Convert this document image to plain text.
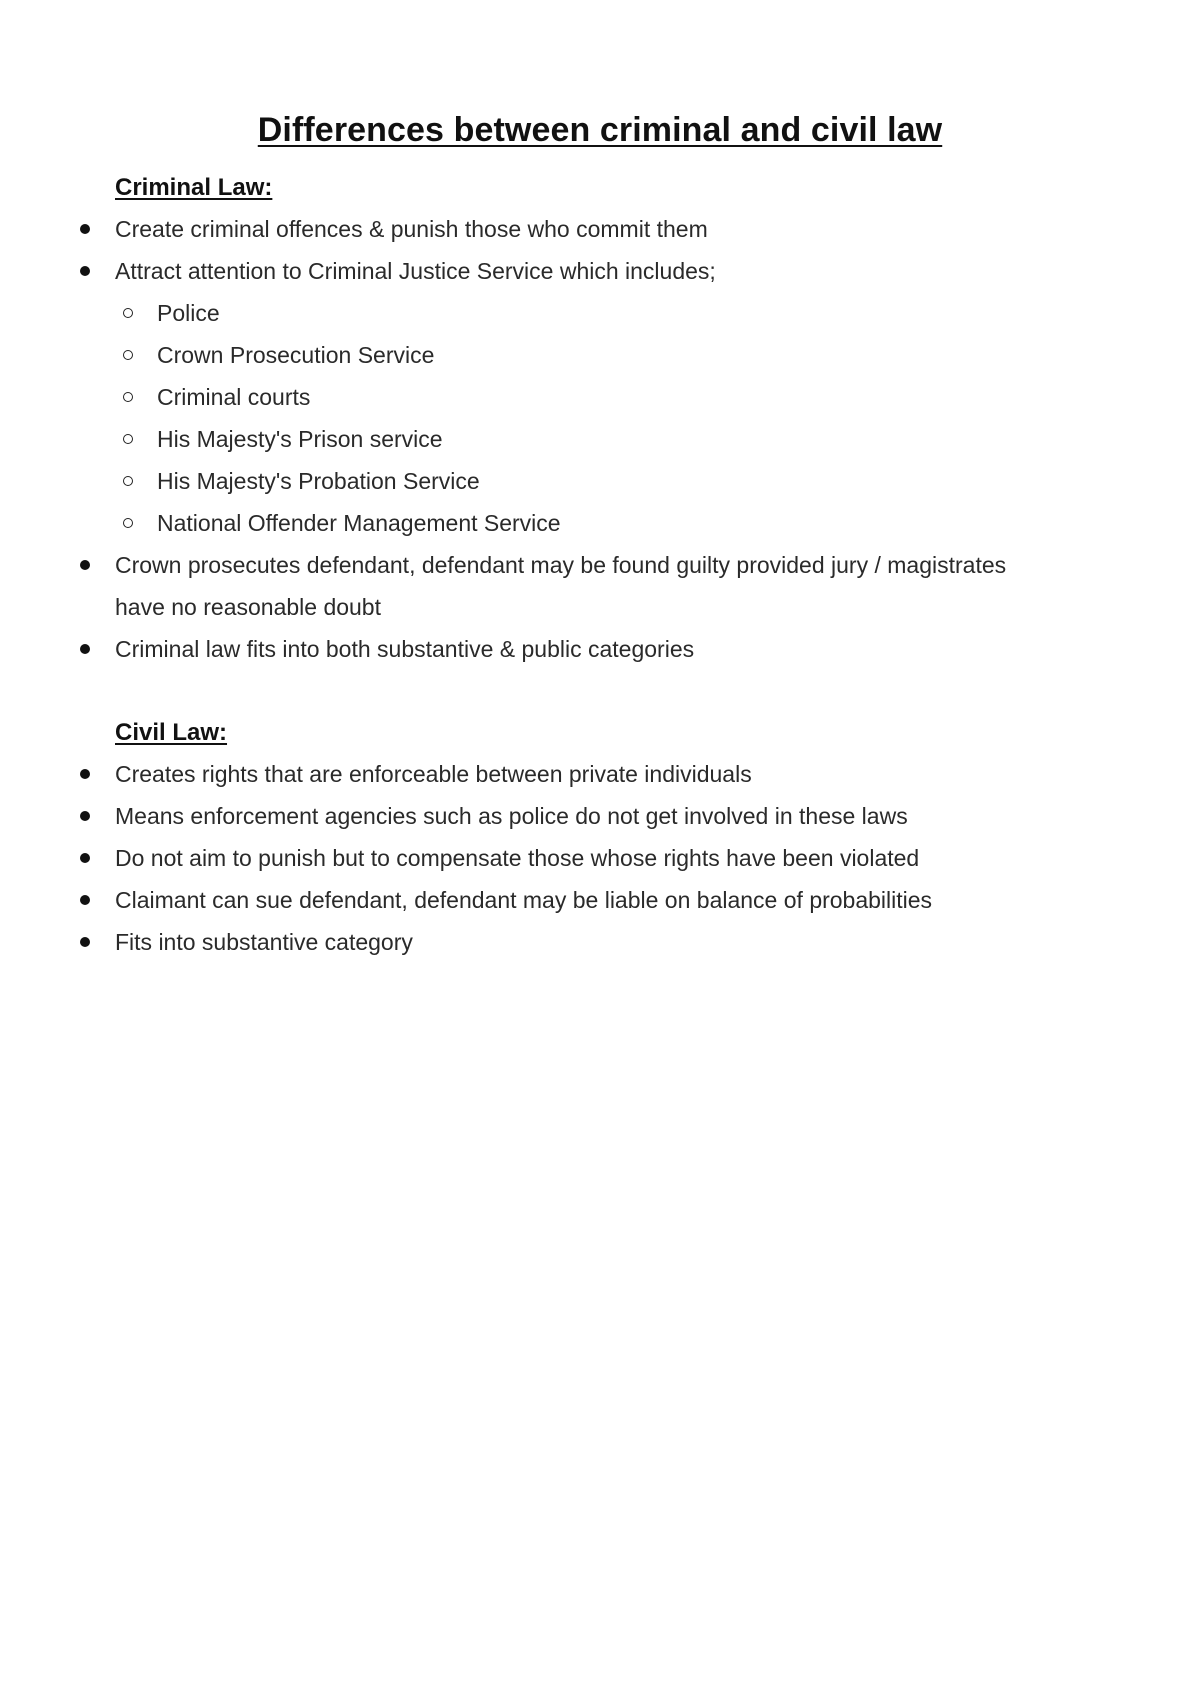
Differences between criminal and civil law
Criminal Law:
Create criminal offences & punish those who commit them
Attract attention to Criminal Justice Service which includes;
Police
Crown Prosecution Service
Criminal courts
His Majesty's Prison service
His Majesty's Probation Service
National Offender Management Service
Crown prosecutes defendant, defendant may be found guilty provided jury / magistrates
have no reasonable doubt
Criminal law fits into both substantive & public categories
Civil Law:
Creates rights that are enforceable between private individuals
Means enforcement agencies such as police do not get involved in these laws
Do not aim to punish but to compensate those whose rights have been violated
Claimant can sue defendant, defendant may be liable on balance of probabilities
Fits into substantive category
